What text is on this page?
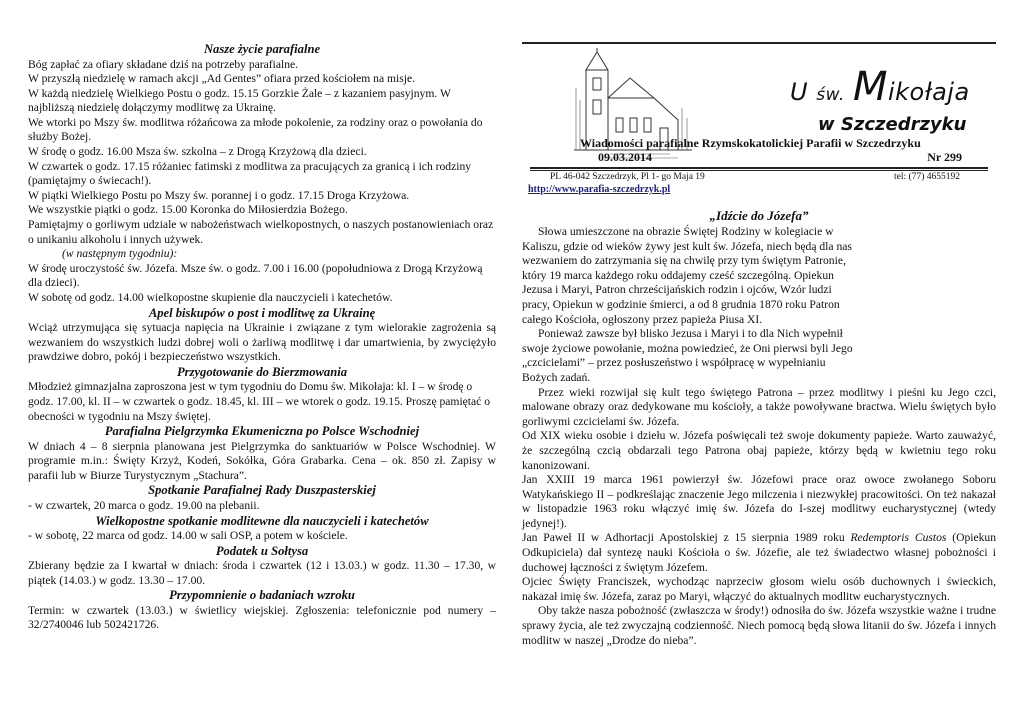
Nasze życie parafialne

Bóg zapłać za ofiary składane dziś na potrzeby parafialne.

W przyszłą niedzielę w ramach akcji „Ad Gentes” ofiara przed kościołem na misje.

W każdą niedzielę Wielkiego Postu o godz. 15.15 Gorzkie Żale – z kazaniem pasyjnym. W najbliższą niedzielę dołączymy modlitwę za Ukrainę.

We wtorki po Mszy św. modlitwa różańcowa za młode pokolenie, za rodziny oraz o powołania do służby Bożej.

W środę o godz. 16.00 Msza św. szkolna – z Drogą Krzyżową dla dzieci.

W czwartek o godz. 17.15 różaniec fatimski z modlitwa za pracujących za granicą i ich rodziny (pamiętajmy o świecach!).

W piątki Wielkiego Postu po Mszy św. porannej i o godz. 17.15 Droga Krzyżowa.

We wszystkie piątki o godz. 15.00 Koronka do Miłosierdzia Bożego.

Pamiętajmy o gorliwym udziale w nabożeństwach wielkopostnych, o naszych postanowieniach oraz o unikaniu alkoholu i innych używek.

(w następnym tygodniu):

W środę uroczystość św. Józefa. Msze św. o godz. 7.00 i 16.00 (popołudniowa z Drogą Krzyżową dla dzieci).

W sobotę od godz. 14.00 wielkopostne skupienie dla nauczycieli i katechetów.

Apel biskupów o post i modlitwę za Ukrainę

Wciąż utrzymująca się sytuacja napięcia na Ukrainie i związane z tym wielorakie zagrożenia są wezwaniem do wszystkich ludzi dobrej woli o żarliwą modlitwę i dar umartwienia, by zwyciężyło prawdziwe dobro, pokój i bezpieczeństwo wszystkich.

Przygotowanie do Bierzmowania

Młodzież gimnazjalna zaproszona jest w tym tygodniu do Domu św. Mikołaja: kl. I – w środę o godz. 17.00, kl. II – w czwartek o godz. 18.45, kl. III – we wtorek o godz. 19.15. Proszę pamiętać o obecności w tygodniu na Mszy świętej.

Parafialna Pielgrzymka Ekumeniczna po Polsce Wschodniej

W dniach 4 – 8 sierpnia planowana jest Pielgrzymka do sanktuariów w Polsce Wschodniej. W programie m.in.: Święty Krzyż, Kodeń, Sokółka, Góra Grabarka. Cena – ok. 850 zł. Zapisy w parafii lub w Biurze Turystycznym „Stachura”.

Spotkanie Parafialnej Rady Duszpasterskiej

- w czwartek, 20 marca o godz. 19.00 na plebanii.

Wielkopostne spotkanie modlitewne dla nauczycieli i katechetów

- w sobotę, 22 marca od godz. 14.00 w sali OSP, a potem w kościele.

Podatek u Sołtysa

Zbierany będzie za I kwartał w dniach: środa i czwartek (12 i 13.03.) w godz. 11.30 – 17.30, w piątek (14.03.) w godz. 13.30 – 17.00.

Przypomnienie o badaniach wzroku

Termin: w czwartek (13.03.) w świetlicy wiejskiej. Zgłoszenia: telefonicznie pod numery – 32/2740046 lub 502421726.

U św. Mikołaja
w Szczedrzyku
Wiadomości parafialne Rzymskokatolickiej Parafii w Szczedrzyku
09.03.2014	Nr 299
PL 46-042 Szczedrzyk, Pl 1- go Maja 19	tel: (77) 4655192
http://www.parafia-szczedrzyk.pl
„Idźcie do Józefa”

Słowa umieszczone na obrazie Świętej Rodziny w kolegiacie w Kaliszu, gdzie od wieków żywy jest kult św. Józefa, niech będą dla nas wezwaniem do zatrzymania się na chwilę przy tym świętym Patronie, który 19 marca każdego roku oddajemy cześć szczególną. Opiekun Jezusa i Maryi, Patron chrześcijańskich rodzin i ojców, Wzór ludzi pracy, Opiekun w godzinie śmierci, a od 8 grudnia 1870 roku Patron całego Kościoła, ogłoszony przez papieża Piusa XI.

Ponieważ zawsze był blisko Jezusa i Maryi i to dla Nich wypełnił swoje życiowe powołanie, można powiedzieć, że Oni pierwsi byli Jego „czcicielami” – przez posłuszeństwo i współpracę w wypełnianiu Bożych zadań.

Przez wieki rozwijał się kult tego świętego Patrona – przez modlitwy i pieśni ku Jego czci, malowane obrazy oraz dedykowane mu kościoły, a także powoływane bractwa. Wielu świętych było gorliwymi czcicielami św. Józefa.

Od XIX wieku osobie i dziełu w. Józefa poświęcali też swoje dokumenty papieże. Warto zauważyć, że szczególną czcią obdarzali tego Patrona obaj papieże, którzy będą w kwietniu tego roku kanonizowani.

Jan XXIII 19 marca 1961 powierzył św. Józefowi prace oraz owoce zwołanego Soboru Watykańskiego II – podkreślając znaczenie Jego milczenia i niezwykłej pracowitości. On też nakazał w listopadzie 1963 roku włączyć imię św. Józefa do I-szej modlitwy eucharystycznej (wtedy jedynej!).

Jan Paweł II w Adhortacji Apostolskiej z 15 sierpnia 1989 roku Redemptoris Custos (Opiekun Odkupiciela) dał syntezę nauki Kościoła o św. Józefie, ale też świadectwo własnej pobożności i duchowej łączności z świętym Józefem.

Ojciec Święty Franciszek, wychodząc naprzeciw głosom wielu osób duchownych i świeckich, nakazał imię św. Józefa, zaraz po Maryi, włączyć do aktualnych modlitw eucharystycznych.

Oby także nasza pobożność (zwłaszcza w środy!) odnosiła do św. Józefa wszystkie ważne i trudne sprawy życia, ale też zwyczajną codzienność. Niech pomocą będą słowa litanii do św. Józefa i innych modlitw w naszej „Drodze do nieba”.
